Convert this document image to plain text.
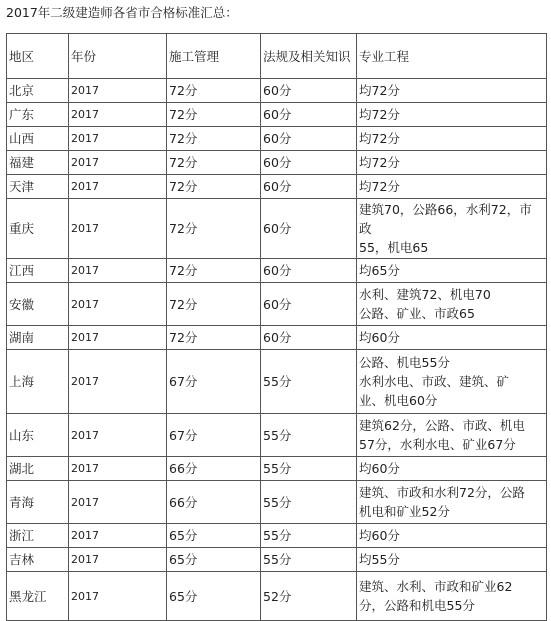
2017年二级建造师各省市合格标准汇总：
地区	年份	施工管理	法规及相关知识	专业工程
北京	2017	72分	60分	均72分

广东	2017	72分	60分	均72分

山西	2017	72分	60分	均72分

福建	2017	72分	60分	均72分

天津	2017	72分	60分	均72分

重庆	2017	72分	60分	建筑70，公路66，水利72，市政
55，机电65

江西	2017	72分	60分	均65分

安徽	2017	72分	60分	水利、建筑72、机电70
公路、矿业、市政65

湖南	2017	72分	60分	均60分

上海	2017	67分	55分	公路、机电55分
水利水电、市政、建筑、矿
业、机电60分

山东	2017	67分	55分	建筑62分，公路、市政、机电
57分，水利水电、矿业67分

湖北	2017	66分	55分	均60分

青海	2017	66分	55分	建筑、市政和水利72分，公路
机电和矿业52分

浙江	2017	65分	55分	均60分

吉林	2017	65分	55分	均55分

黑龙江	2017	65分	52分	建筑、水利、市政和矿业62
分，公路和机电55分
